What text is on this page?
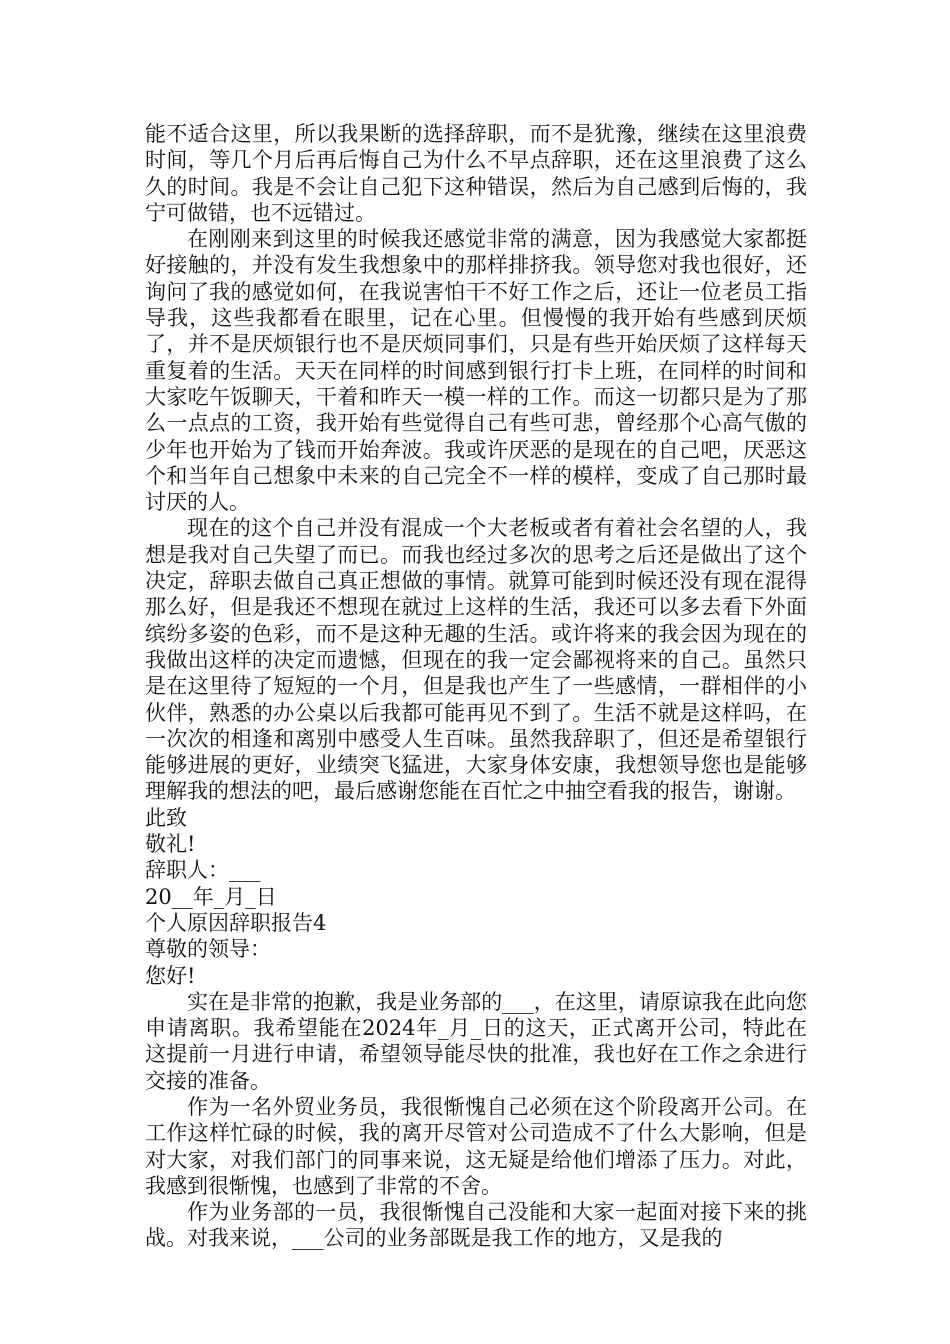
能不适合这里，所以我果断的选择辞职，而不是犹豫，继续在这里浪费时间，等几个月后再后悔自己为什么不早点辞职，还在这里浪费了这么久的时间。我是不会让自己犯下这种错误，然后为自己感到后悔的，我宁可做错，也不远错过。

在刚刚来到这里的时候我还感觉非常的满意，因为我感觉大家都挺好接触的，并没有发生我想象中的那样排挤我。领导您对我也很好，还询问了我的感觉如何，在我说害怕干不好工作之后，还让一位老员工指导我，这些我都看在眼里，记在心里。但慢慢的我开始有些感到厌烦了，并不是厌烦银行也不是厌烦同事们，只是有些开始厌烦了这样每天重复着的生活。天天在同样的时间感到银行打卡上班，在同样的时间和大家吃午饭聊天，干着和昨天一模一样的工作。而这一切都只是为了那么一点点的工资，我开始有些觉得自己有些可悲，曾经那个心高气傲的少年也开始为了钱而开始奔波。我或许厌恶的是现在的自己吧，厌恶这个和当年自己想象中未来的自己完全不一样的模样，变成了自己那时最讨厌的人。

现在的这个自己并没有混成一个大老板或者有着社会名望的人，我想是我对自己失望了而已。而我也经过多次的思考之后还是做出了这个决定，辞职去做自己真正想做的事情。就算可能到时候还没有现在混得那么好，但是我还不想现在就过上这样的生活，我还可以多去看下外面缤纷多姿的色彩，而不是这种无趣的生活。或许将来的我会因为现在的我做出这样的决定而遗憾，但现在的我一定会鄙视将来的自己。虽然只是在这里待了短短的一个月，但是我也产生了一些感情，一群相伴的小伙伴，熟悉的办公桌以后我都可能再见不到了。生活不就是这样吗，在一次次的相逢和离别中感受人生百味。虽然我辞职了，但还是希望银行能够进展的更好，业绩突飞猛进，大家身体安康，我想领导您也是能够理解我的想法的吧，最后感谢您能在百忙之中抽空看我的报告，谢谢。

此致

敬礼!

辞职人：___

20__年_月_日

个人原因辞职报告4

尊敬的领导：

您好!

实在是非常的抱歉，我是业务部的___，在这里，请原谅我在此向您申请离职。我希望能在2024年_月_日的这天，正式离开公司，特此在这提前一月进行申请，希望领导能尽快的批准，我也好在工作之余进行交接的准备。

作为一名外贸业务员，我很惭愧自己必须在这个阶段离开公司。在工作这样忙碌的时候，我的离开尽管对公司造成不了什么大影响，但是对大家，对我们部门的同事来说，这无疑是给他们增添了压力。对此，我感到很惭愧，也感到了非常的不舍。

作为业务部的一员，我很惭愧自己没能和大家一起面对接下来的挑战。对我来说，___公司的业务部既是我工作的地方，又是我的
